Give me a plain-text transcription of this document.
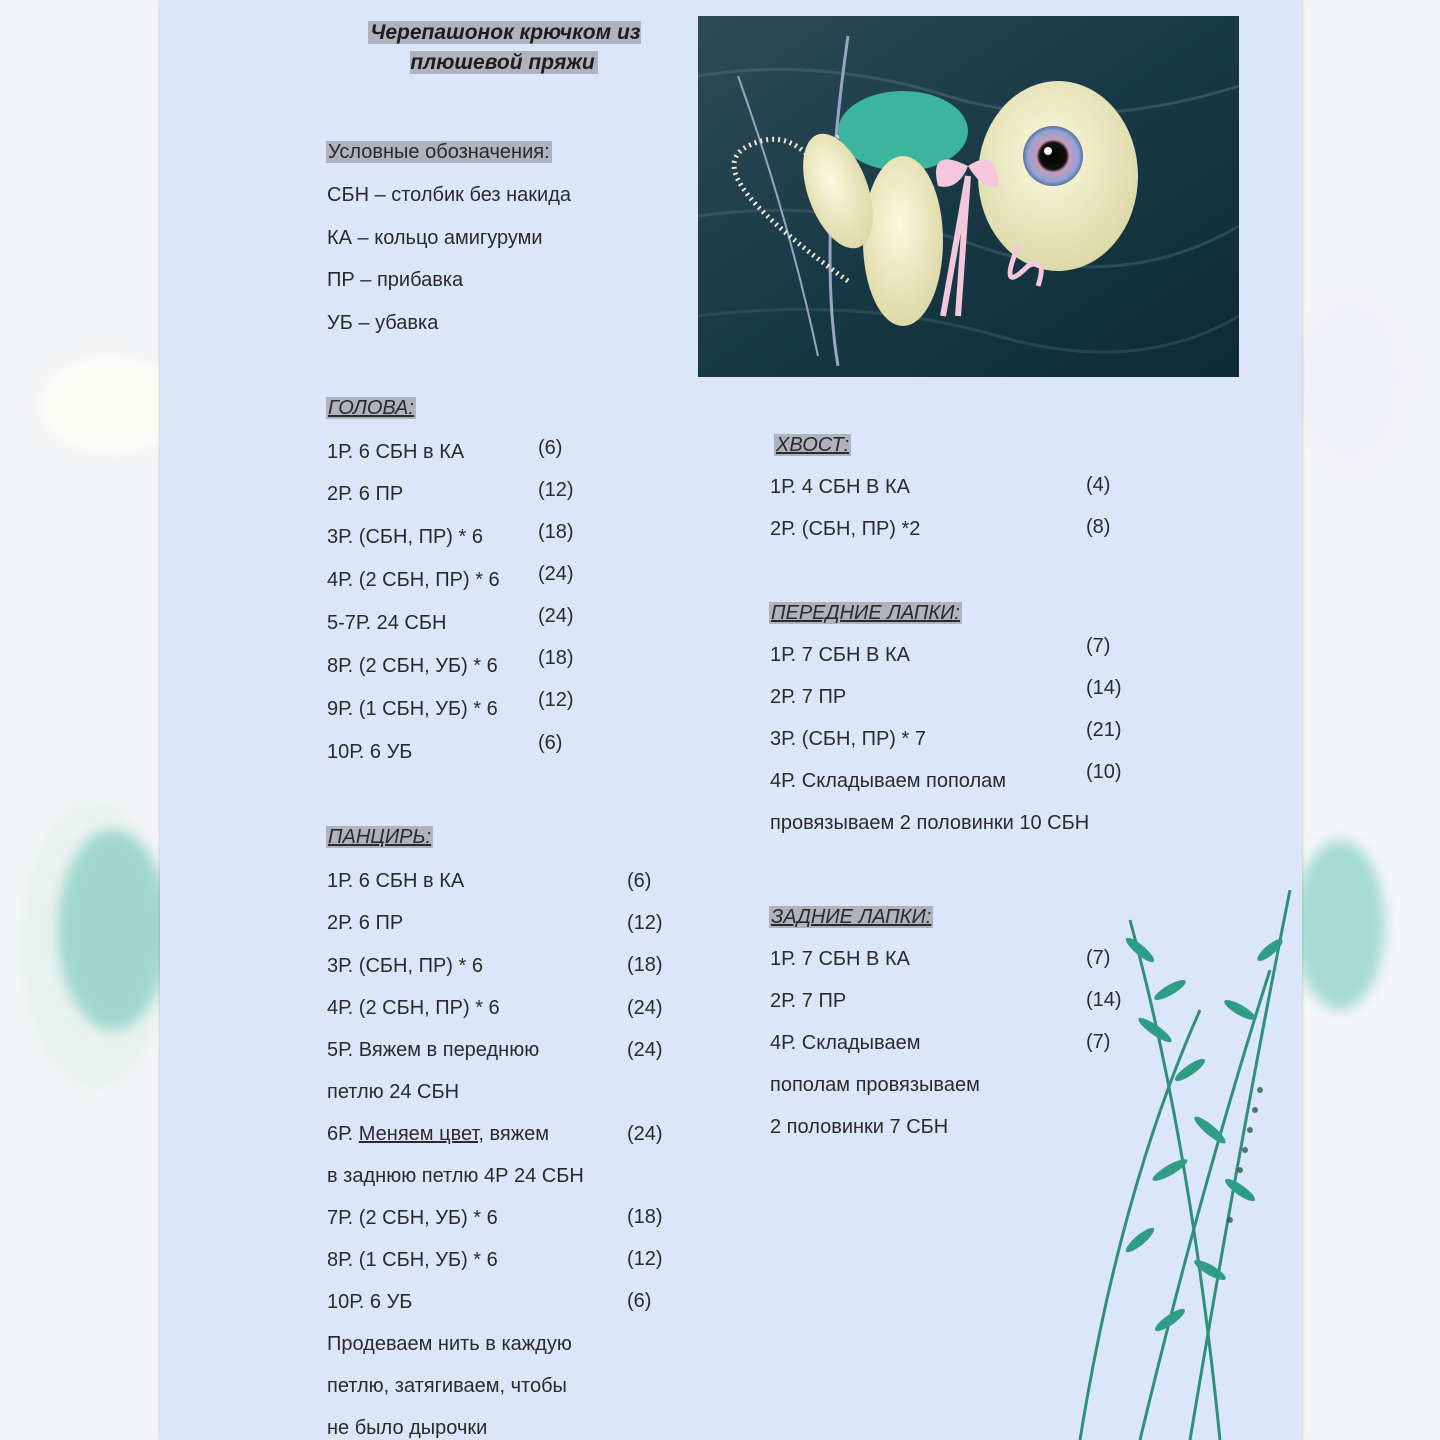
Черепашонок крючком из плюшевой пряжи
Условные обозначения:
СБН – столбик без накида
КА – кольцо амигуруми
ПР – прибавка
УБ – убавка
ГОЛОВА:
1Р. 6 СБН в КА	(6)
2Р. 6 ПР	(12)
3Р. (СБН, ПР) * 6	(18)
4Р. (2 СБН, ПР) * 6 (24)
5-7Р. 24 СБН	(24)
8Р. (2 СБН, УБ) * 6 (18)
9Р. (1 СБН, УБ) * 6 (12)
10Р. 6 УБ	(6)
ПАНЦИРЬ:
1Р. 6 СБН в КА	(6)
2Р. 6 ПР	(12)
3Р. (СБН, ПР) * 6	(18)
4Р. (2 СБН, ПР) * 6	(24)
5Р. Вяжем в переднюю	(24)
петлю 24 СБН
6Р. Меняем цвет, вяжем	(24)
в заднюю петлю 4Р 24 СБН
7Р. (2 СБН, УБ) * 6	(18)
8Р. (1 СБН, УБ) * 6	(12)
10Р. 6 УБ	(6)
Продеваем нить в каждую
петлю, затягиваем, чтобы
не было дырочки
ХВОСТ:
1Р. 4 СБН В КА	(4)
2Р. (СБН, ПР) *2	(8)
ПЕРЕДНИЕ ЛАПКИ:
1Р. 7 СБН В КА	(7)
2Р. 7 ПР	(14)
3Р. (СБН, ПР) * 7	(21)
4Р. Складываем пополам	(10)
провязываем 2 половинки 10 СБН
ЗАДНИЕ ЛАПКИ:
1Р. 7 СБН В КА	(7)
2Р. 7 ПР	(14)
4Р. Складываем	(7)
пополам провязываем
2 половинки 7 СБН
